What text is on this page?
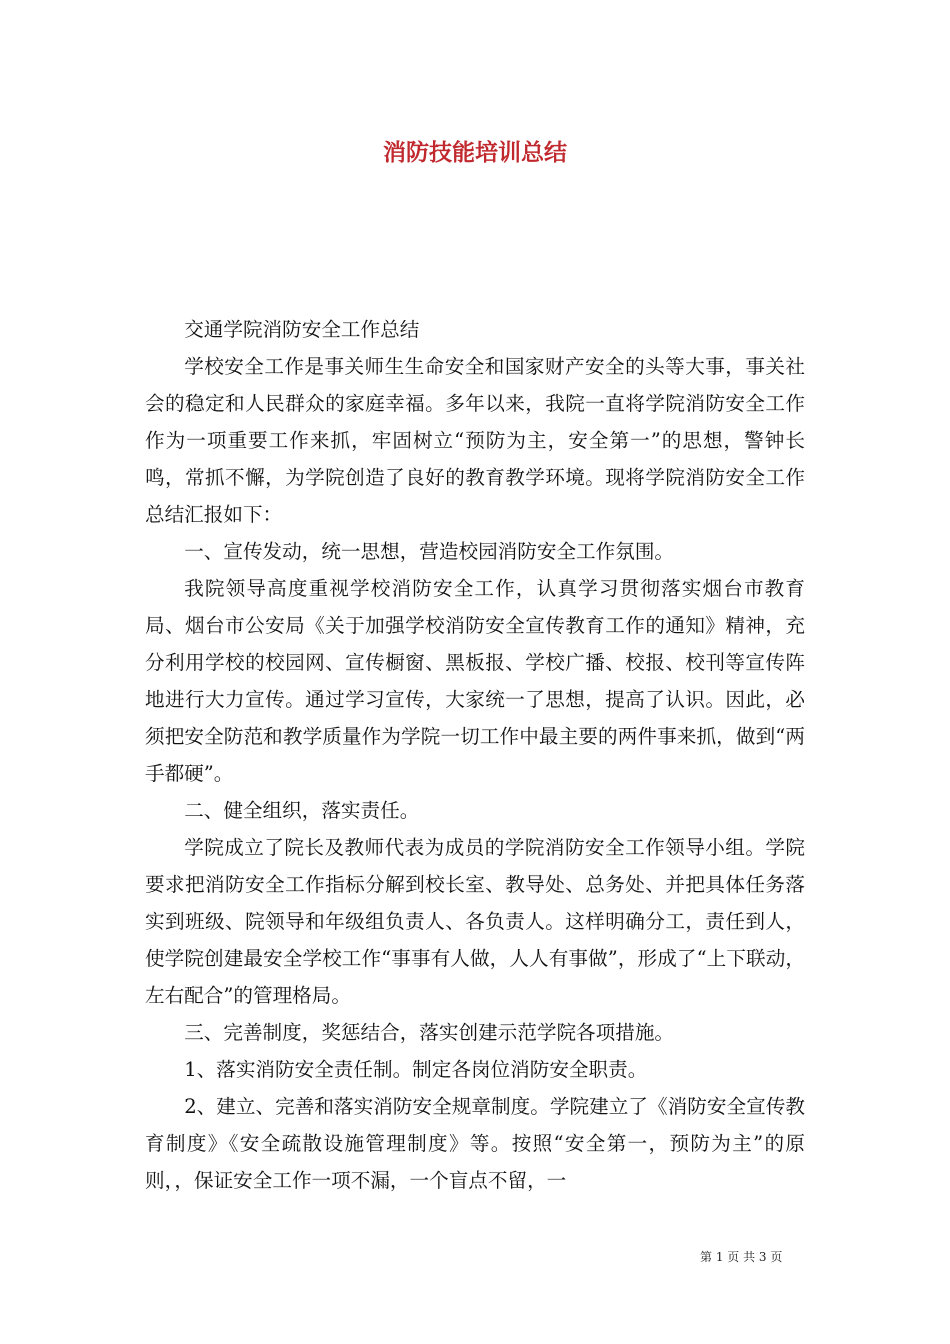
消防技能培训总结

交通学院消防安全工作总结

学校安全工作是事关师生生命安全和国家财产安全的头等大事，事关社会的稳定和人民群众的家庭幸福。多年以来，我院一直将学院消防安全工作作为一项重要工作来抓，牢固树立“预防为主，安全第一”的思想，警钟长鸣，常抓不懈，为学院创造了良好的教育教学环境。现将学院消防安全工作总结汇报如下：

一、宣传发动，统一思想，营造校园消防安全工作氛围。

我院领导高度重视学校消防安全工作，认真学习贯彻落实烟台市教育局、烟台市公安局《关于加强学校消防安全宣传教育工作的通知》精神，充分利用学校的校园网、宣传橱窗、黑板报、学校广播、校报、校刊等宣传阵地进行大力宣传。通过学习宣传，大家统一了思想，提高了认识。因此，必须把安全防范和教学质量作为学院一切工作中最主要的两件事来抓，做到“两手都硬”。

二、健全组织，落实责任。

学院成立了院长及教师代表为成员的学院消防安全工作领导小组。学院要求把消防安全工作指标分解到校长室、教导处、总务处、并把具体任务落实到班级、院领导和年级组负责人、各负责人。这样明确分工，责任到人，使学院创建最安全学校工作“事事有人做，人人有事做”，形成了“上下联动，左右配合”的管理格局。

三、完善制度，奖惩结合，落实创建示范学院各项措施。

1、落实消防安全责任制。制定各岗位消防安全职责。

2、建立、完善和落实消防安全规章制度。学院建立了《消防安全宣传教育制度》《安全疏散设施管理制度》等。按照“安全第一，预防为主”的原则，，保证安全工作一项不漏，一个盲点不留，一

第 1 页 共 3 页
